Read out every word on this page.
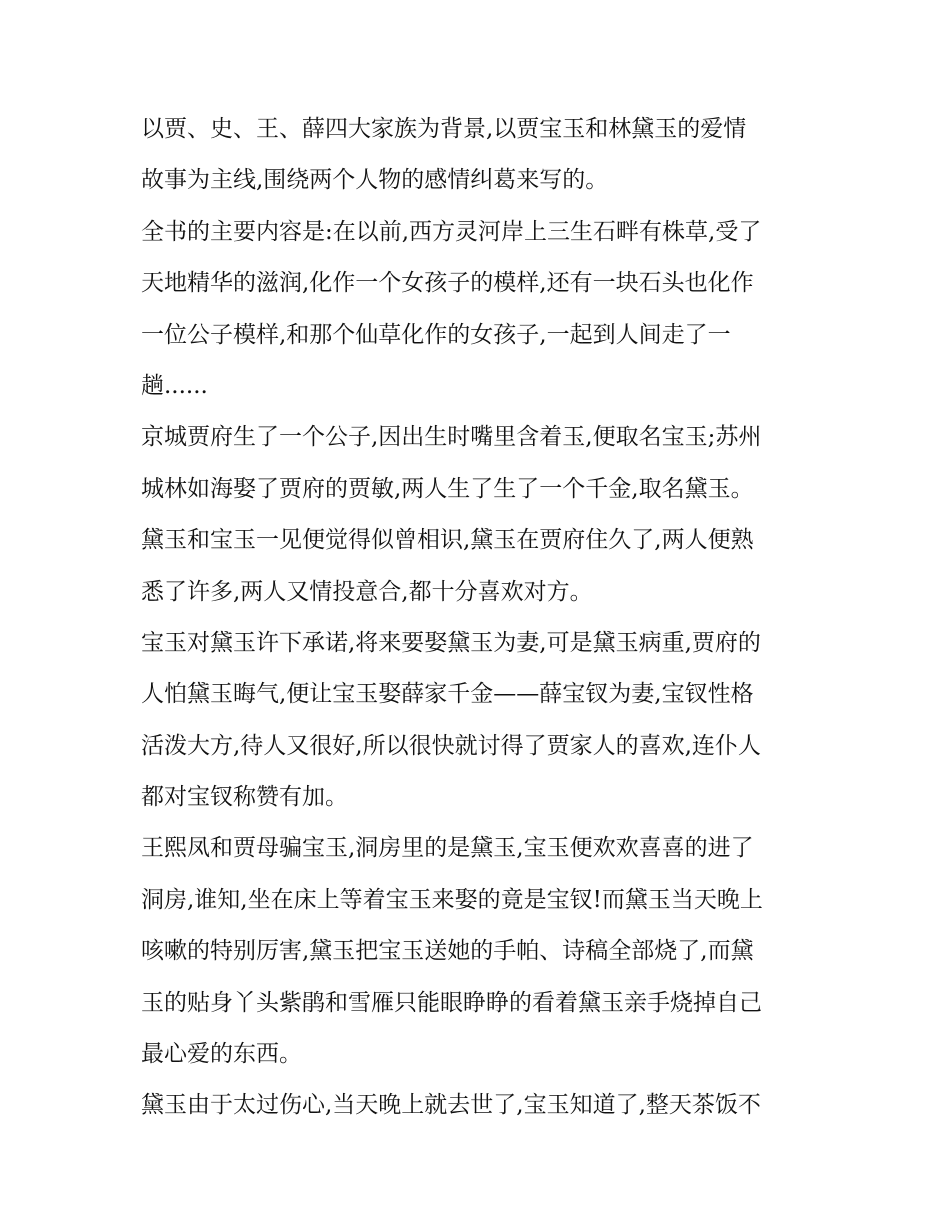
以贾、史、王、薛四大家族为背景,以贾宝玉和林黛玉的爱情
故事为主线,围绕两个人物的感情纠葛来写的。
全书的主要内容是:在以前,西方灵河岸上三生石畔有株草,受了
天地精华的滋润,化作一个女孩子的模样,还有一块石头也化作
一位公子模样,和那个仙草化作的女孩子,一起到人间走了一
趟......
京城贾府生了一个公子,因出生时嘴里含着玉,便取名宝玉;苏州
城林如海娶了贾府的贾敏,两人生了生了一个千金,取名黛玉。
黛玉和宝玉一见便觉得似曾相识,黛玉在贾府住久了,两人便熟
悉了许多,两人又情投意合,都十分喜欢对方。
宝玉对黛玉许下承诺,将来要娶黛玉为妻,可是黛玉病重,贾府的
人怕黛玉晦气,便让宝玉娶薛家千金——薛宝钗为妻,宝钗性格
活泼大方,待人又很好,所以很快就讨得了贾家人的喜欢,连仆人
都对宝钗称赞有加。
王熙凤和贾母骗宝玉,洞房里的是黛玉,宝玉便欢欢喜喜的进了
洞房,谁知,坐在床上等着宝玉来娶的竟是宝钗!而黛玉当天晚上
咳嗽的特别厉害,黛玉把宝玉送她的手帕、诗稿全部烧了,而黛
玉的贴身丫头紫鹃和雪雁只能眼睁睁的看着黛玉亲手烧掉自己
最心爱的东西。
黛玉由于太过伤心,当天晚上就去世了,宝玉知道了,整天茶饭不
